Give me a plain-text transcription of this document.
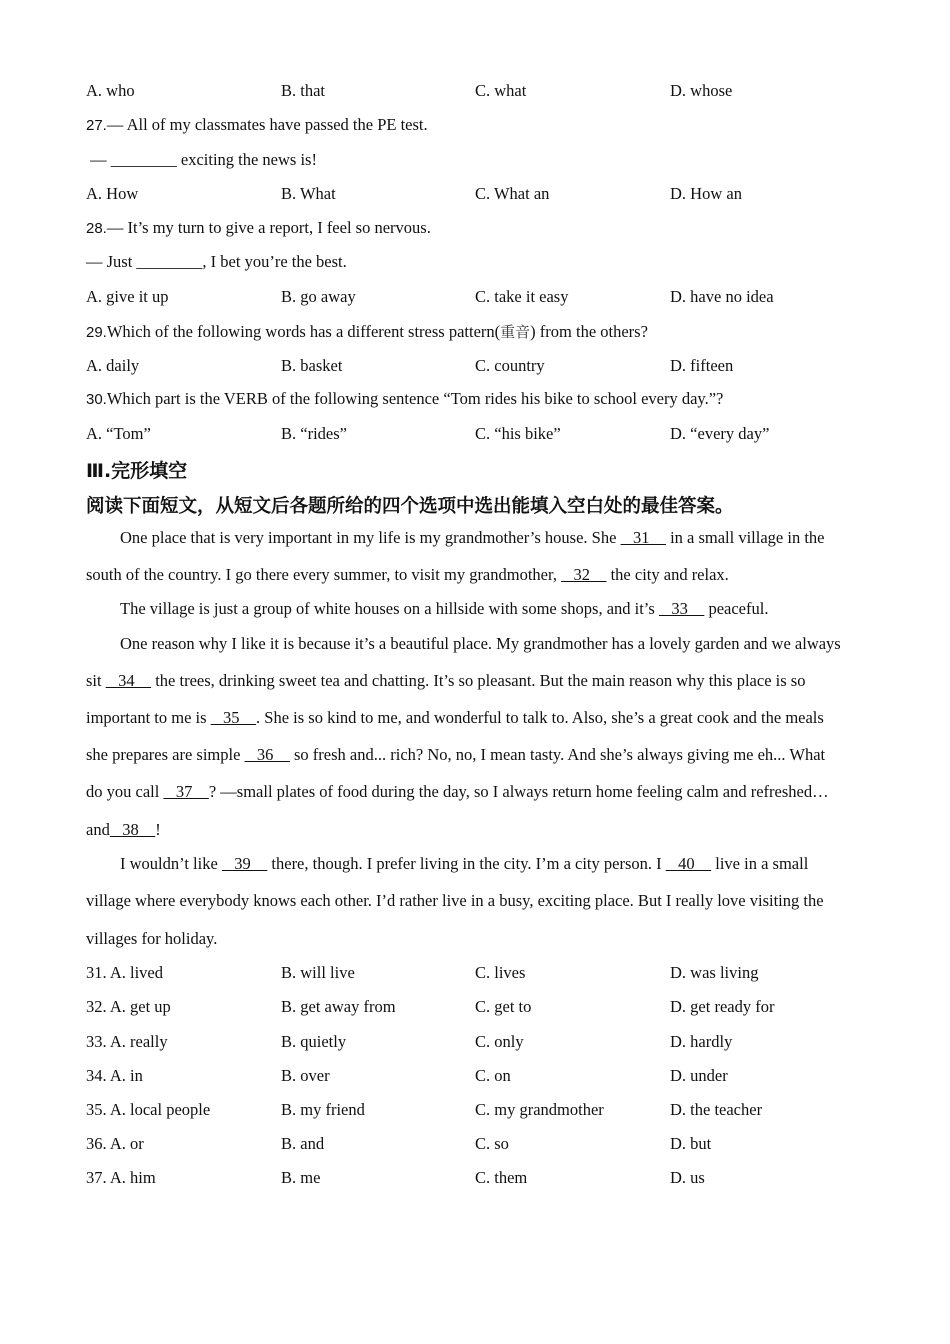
A. who	B. that	C. what	D. whose
27.— All of my classmates have passed the PE test.
— ________ exciting the news is!
A. How	B. What	C. What an	D. How an
28.— It’s my turn to give a report, I feel so nervous.
— Just ________, I bet you’re the best.
A. give it up	B. go away	C. take it easy	D. have no idea
29.Which of the following words has a different stress pattern(重音) from the others?
A. daily	B. basket	C. country	D. fifteen
30.Which part is the VERB of the following sentence “Tom rides his bike to school every day.”?
A. “Tom”	B. “rides”	C. “his bike”	D. “every day”
Ⅲ.完形填空
阅读下面短文，从短文后各题所给的四个选项中选出能填入空白处的最佳答案。
One place that is very important in my life is my grandmother’s house. She    31     in a small village in the
south of the country. I go there every summer, to visit my grandmother,    32     the city and relax.
The village is just a group of white houses on a hillside with some shops, and it’s    33     peaceful.
One reason why I like it is because it’s a beautiful place. My grandmother has a lovely garden and we always
sit    34     the trees, drinking sweet tea and chatting. It’s so pleasant. But the main reason why this place is so
important to me is    35    . She is so kind to me, and wonderful to talk to. Also, she’s a great cook and the meals
she prepares are simple    36     so fresh and... rich? No, no, I mean tasty. And she’s always giving me eh... What
do you call    37    ? —small plates of food during the day, so I always return home feeling calm and refreshed…
and   38    !
I wouldn’t like    39     there, though. I prefer living in the city. I’m a city person. I    40     live in a small
village where everybody knows each other. I’d rather live in a busy, exciting place. But I really love visiting the
villages for holiday.
31. A. lived	B. will live	C. lives	D. was living
32. A. get up	B. get away from	C. get to	D. get ready for
33. A. really	B. quietly	C. only	D. hardly
34. A. in	B. over	C. on	D. under
35. A. local people	B. my friend	C. my grandmother	D. the teacher
36. A. or	B. and	C. so	D. but
37. A. him	B. me	C. them	D. us
